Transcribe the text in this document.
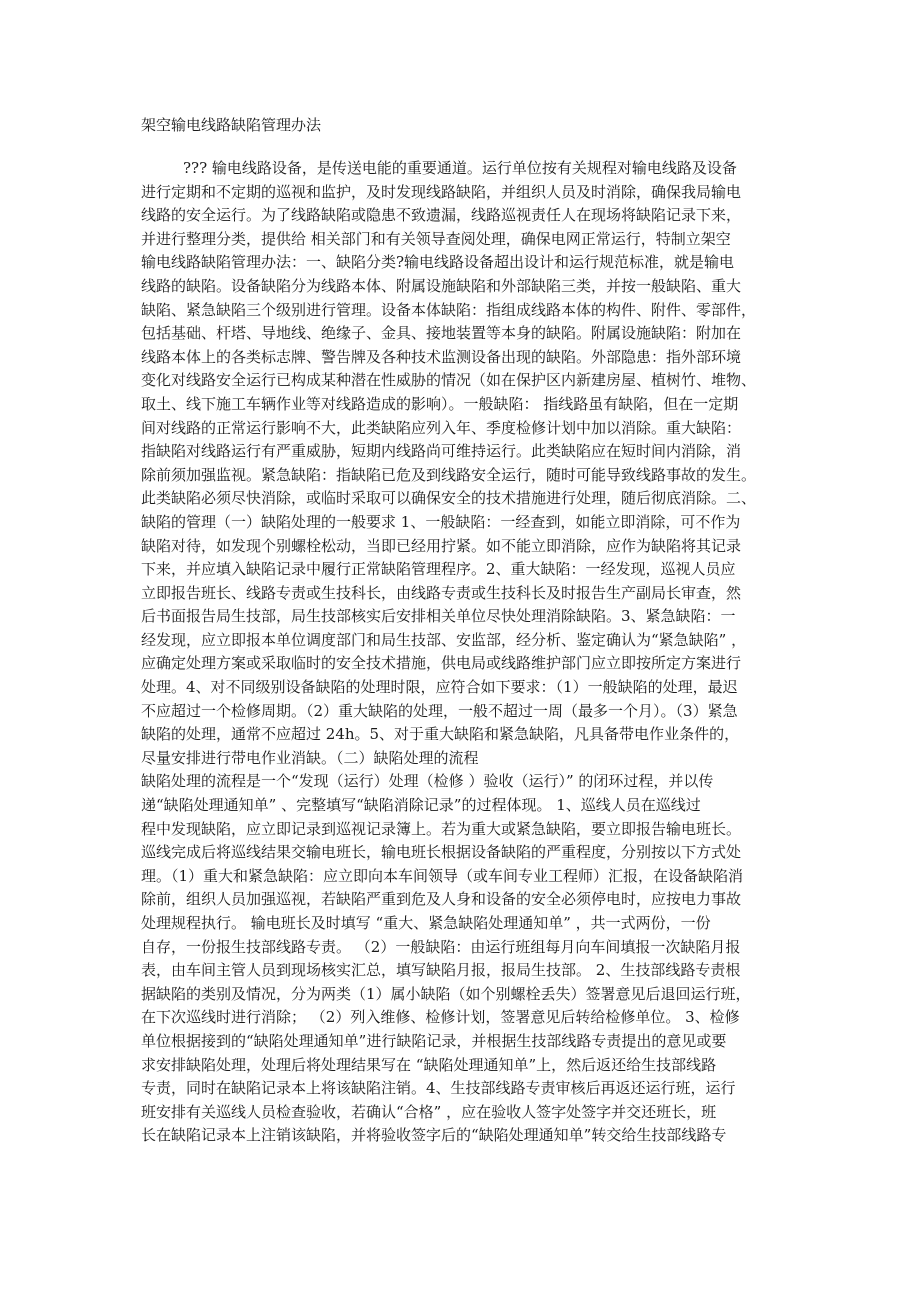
架空输电线路缺陷管理办法
??? 输电线路设备，是传送电能的重要通道。运行单位按有关规程对输电线路及设备
进行定期和不定期的巡视和监护，及时发现线路缺陷，并组织人员及时消除，确保我局输电
线路的安全运行。为了线路缺陷或隐患不致遗漏，线路巡视责任人在现场将缺陷记录下来，
并进行整理分类，提供给 相关部门和有关领导查阅处理，确保电网正常运行，特制立架空
输电线路缺陷管理办法：一、缺陷分类?输电线路设备超出设计和运行规范标准，就是输电
线路的缺陷。设备缺陷分为线路本体、附属设施缺陷和外部缺陷三类，并按一般缺陷、重大
缺陷、紧急缺陷三个级别进行管理。设备本体缺陷：指组成线路本体的构件、附件、零部件，
包括基础、杆塔、导地线、绝缘子、金具、接地装置等本身的缺陷。附属设施缺陷：附加在
线路本体上的各类标志牌、警告牌及各种技术监测设备出现的缺陷。外部隐患：指外部环境
变化对线路安全运行已构成某种潜在性威胁的情况（如在保护区内新建房屋、植树竹、堆物、
取土、线下施工车辆作业等对线路造成的影响）。一般缺陷： 指线路虽有缺陷，但在一定期
间对线路的正常运行影响不大，此类缺陷应列入年、季度检修计划中加以消除。重大缺陷：
指缺陷对线路运行有严重威胁，短期内线路尚可维持运行。此类缺陷应在短时间内消除，消
除前须加强监视。紧急缺陷：指缺陷已危及到线路安全运行，随时可能导致线路事故的发生。
此类缺陷必须尽快消除，或临时采取可以确保安全的技术措施进行处理，随后彻底消除。二、
缺陷的管理（一）缺陷处理的一般要求 1、一般缺陷：一经查到，如能立即消除，可不作为
缺陷对待，如发现个别螺栓松动，当即已经用拧紧。如不能立即消除，应作为缺陷将其记录
下来，并应填入缺陷记录中履行正常缺陷管理程序。2、重大缺陷：一经发现，巡视人员应
立即报告班长、线路专责或生技科长，由线路专责或生技科长及时报告生产副局长审查，然
后书面报告局生技部，局生技部核实后安排相关单位尽快处理消除缺陷。3、紧急缺陷：一
经发现，应立即报本单位调度部门和局生技部、安监部，经分析、鉴定确认为“紧急缺陷” ，
应确定处理方案或采取临时的安全技术措施，供电局或线路维护部门应立即按所定方案进行
处理。4、对不同级别设备缺陷的处理时限，应符合如下要求：（1）一般缺陷的处理，最迟
不应超过一个检修周期。（2）重大缺陷的处理，一般不超过一周（最多一个月）。（3）紧急
缺陷的处理，通常不应超过 24h。5、对于重大缺陷和紧急缺陷，凡具备带电作业条件的，
尽量安排进行带电作业消缺。（二）缺陷处理的流程
缺陷处理的流程是一个“发现（运行）处理（检修 ）验收（运行）” 的闭环过程，并以传
递“缺陷处理通知单” 、完整填写“缺陷消除记录”的过程体现。 1、巡线人员在巡线过
程中发现缺陷，应立即记录到巡视记录簿上。若为重大或紧急缺陷，要立即报告输电班长。
巡线完成后将巡线结果交输电班长，输电班长根据设备缺陷的严重程度，分别按以下方式处
理。（1）重大和紧急缺陷：应立即向本车间领导（或车间专业工程师）汇报，在设备缺陷消
除前，组织人员加强巡视，若缺陷严重到危及人身和设备的安全必须停电时，应按电力事故
处理规程执行。 输电班长及时填写 “重大、紧急缺陷处理通知单” ，共一式两份，一份
自存，一份报生技部线路专责。 （2）一般缺陷：由运行班组每月向车间填报一次缺陷月报
表，由车间主管人员到现场核实汇总，填写缺陷月报，报局生技部。 2、生技部线路专责根
据缺陷的类别及情况，分为两类（1）属小缺陷（如个别螺栓丢失）签署意见后退回运行班，
在下次巡线时进行消除； （2）列入维修、检修计划，签署意见后转给检修单位。 3、检修
单位根据接到的“缺陷处理通知单”进行缺陷记录，并根据生技部线路专责提出的意见或要
求安排缺陷处理，处理后将处理结果写在 “缺陷处理通知单”上，然后返还给生技部线路
专责，同时在缺陷记录本上将该缺陷注销。4、生技部线路专责审核后再返还运行班，运行
班安排有关巡线人员检查验收，若确认“合格” ，应在验收人签字处签字并交还班长，班
长在缺陷记录本上注销该缺陷，并将验收签字后的“缺陷处理通知单”转交给生技部线路专
